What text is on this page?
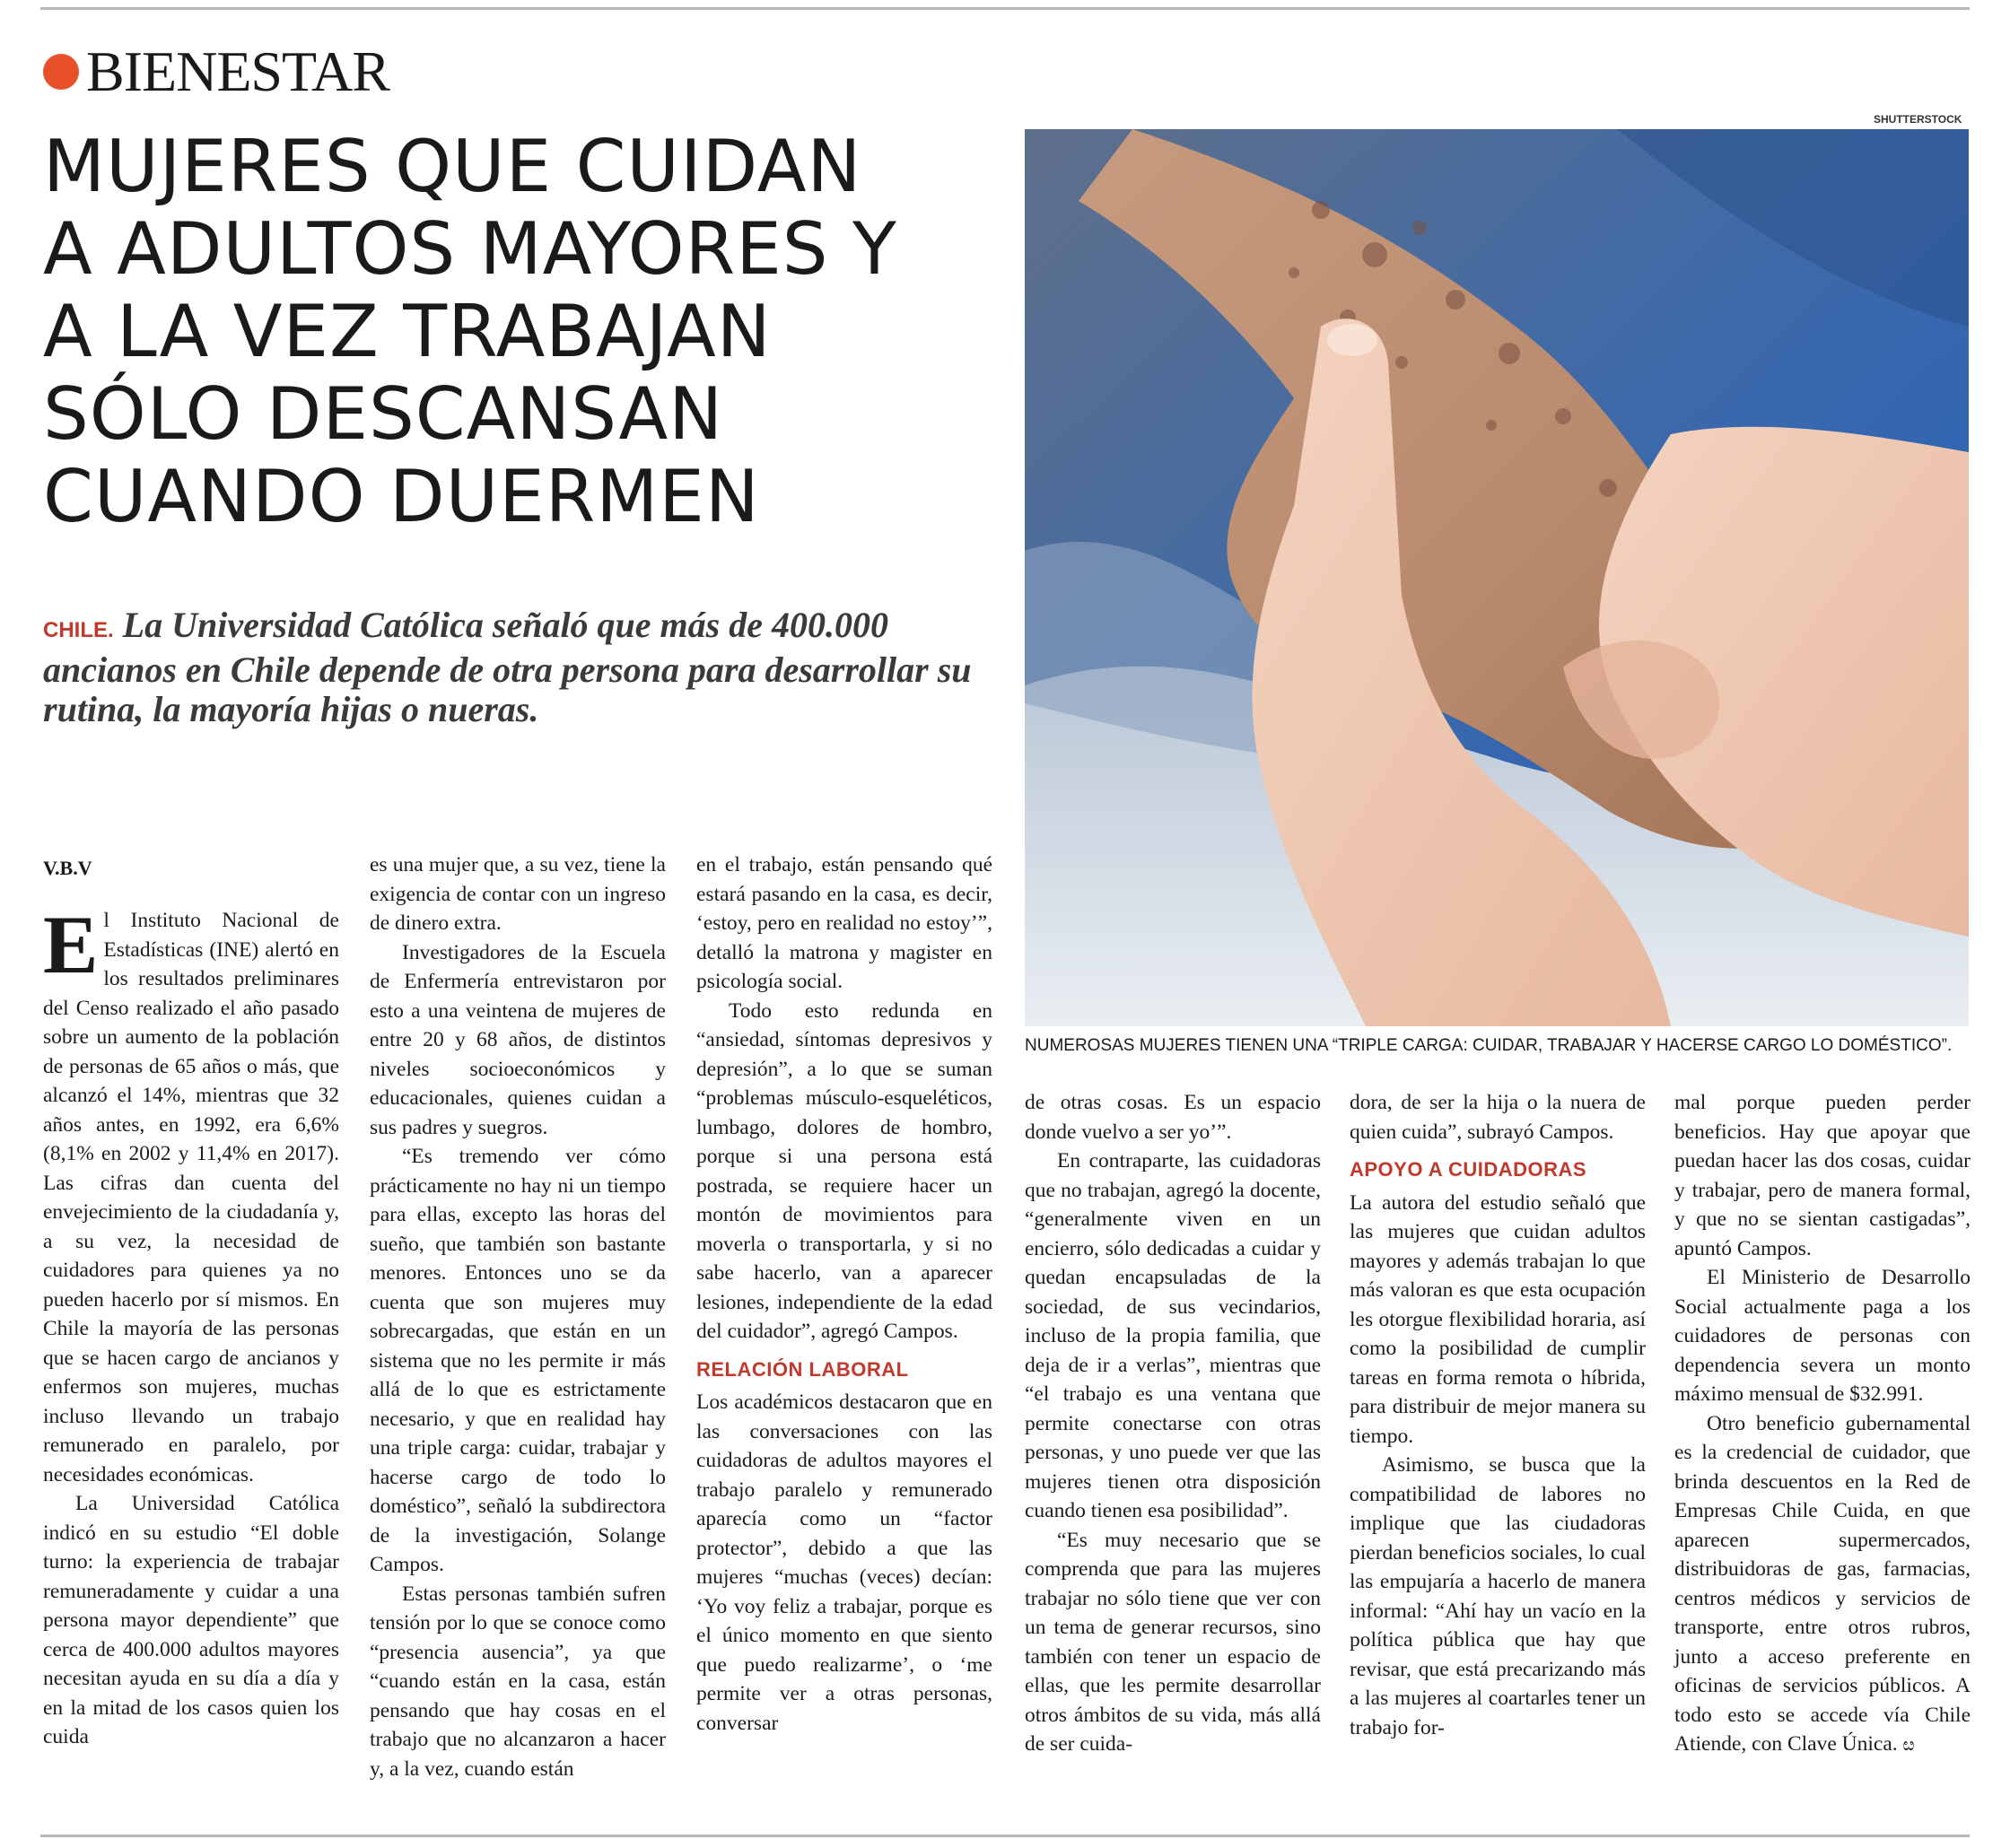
BIENESTAR
MUJERES QUE CUIDAN
A ADULTOS MAYORES Y
A LA VEZ TRABAJAN
SÓLO DESCANSAN
CUANDO DUERMEN
CHILE. La Universidad Católica señaló que más de 400.000 ancianos en Chile depende de otra persona para desarrollar su rutina, la mayoría hijas o nueras.
SHUTTERSTOCK
NUMEROSAS MUJERES TIENEN UNA “TRIPLE CARGA: CUIDAR, TRABAJAR Y HACERSE CARGO LO DOMÉSTICO”.
V.B.V

El Instituto Nacional de Estadísticas (INE) alertó en los resultados preliminares del Censo realizado el año pasado sobre un aumento de la población de personas de 65 años o más, que alcanzó el 14%, mientras que 32 años antes, en 1992, era 6,6% (8,1% en 2002 y 11,4% en 2017). Las cifras dan cuenta del envejecimiento de la ciudadanía y, a su vez, la necesidad de cuidadores para quienes ya no pueden hacerlo por sí mismos. En Chile la mayoría de las personas que se hacen cargo de ancianos y enfermos son mujeres, muchas incluso llevando un trabajo remunerado en paralelo, por necesidades económicas.

La Universidad Católica indicó en su estudio “El doble turno: la experiencia de trabajar remuneradamente y cuidar a una persona mayor dependiente” que cerca de 400.000 adultos mayores necesitan ayuda en su día a día y en la mitad de los casos quien los cuida

es una mujer que, a su vez, tiene la exigencia de contar con un ingreso de dinero extra.

Investigadores de la Escuela de Enfermería entrevistaron por esto a una veintena de mujeres de entre 20 y 68 años, de distintos niveles socioeconómicos y educacionales, quienes cuidan a sus padres y suegros.

“Es tremendo ver cómo prácticamente no hay ni un tiempo para ellas, excepto las horas del sueño, que también son bastante menores. Entonces uno se da cuenta que son mujeres muy sobrecargadas, que están en un sistema que no les permite ir más allá de lo que es estrictamente necesario, y que en realidad hay una triple carga: cuidar, trabajar y hacerse cargo de todo lo doméstico”, señaló la subdirectora de la investigación, Solange Campos.

Estas personas también sufren tensión por lo que se conoce como “presencia ausencia”, ya que “cuando están en la casa, están pensando que hay cosas en el trabajo que no alcanzaron a hacer y, a la vez, cuando están

en el trabajo, están pensando qué estará pasando en la casa, es decir, ‘estoy, pero en realidad no estoy’”, detalló la matrona y magister en psicología social.

Todo esto redunda en “ansiedad, síntomas depresivos y depresión”, a lo que se suman “problemas músculo-esqueléticos, lumbago, dolores de hombro, porque si una persona está postrada, se requiere hacer un montón de movimientos para moverla o transportarla, y si no sabe hacerlo, van a aparecer lesiones, independiente de la edad del cuidador”, agregó Campos.

RELACIÓN LABORAL

Los académicos destacaron que en las conversaciones con las cuidadoras de adultos mayores el trabajo paralelo y remunerado aparecía como un “factor protector”, debido a que las mujeres “muchas (veces) decían: ‘Yo voy feliz a trabajar, porque es el único momento en que siento que puedo realizarme’, o ‘me permite ver a otras personas, conversar

de otras cosas. Es un espacio donde vuelvo a ser yo’”.

En contraparte, las cuidadoras que no trabajan, agregó la docente, “generalmente viven en un encierro, sólo dedicadas a cuidar y quedan encapsuladas de la sociedad, de sus vecindarios, incluso de la propia familia, que deja de ir a verlas”, mientras que “el trabajo es una ventana que permite conectarse con otras personas, y uno puede ver que las mujeres tienen otra disposición cuando tienen esa posibilidad”.

“Es muy necesario que se comprenda que para las mujeres trabajar no sólo tiene que ver con un tema de generar recursos, sino también con tener un espacio de ellas, que les permite desarrollar otros ámbitos de su vida, más allá de ser cuida-

dora, de ser la hija o la nuera de quien cuida”, subrayó Campos.

APOYO A CUIDADORAS

La autora del estudio señaló que las mujeres que cuidan adultos mayores y además trabajan lo que más valoran es que esta ocupación les otorgue flexibilidad horaria, así como la posibilidad de cumplir tareas en forma remota o híbrida, para distribuir de mejor manera su tiempo.

Asimismo, se busca que la compatibilidad de labores no implique que las ciudadoras pierdan beneficios sociales, lo cual las empujaría a hacerlo de manera informal: “Ahí hay un vacío en la política pública que hay que revisar, que está precarizando más a las mujeres al coartarles tener un trabajo for-

mal porque pueden perder beneficios. Hay que apoyar que puedan hacer las dos cosas, cuidar y trabajar, pero de manera formal, y que no se sientan castigadas”, apuntó Campos.

El Ministerio de Desarrollo Social actualmente paga a los cuidadores de personas con dependencia severa un monto máximo mensual de $32.991.

Otro beneficio gubernamental es la credencial de cuidador, que brinda descuentos en la Red de Empresas Chile Cuida, en que aparecen supermercados, distribuidoras de gas, farmacias, centros médicos y servicios de transporte, entre otros rubros, junto a acceso preferente en oficinas de servicios públicos. A todo esto se accede vía Chile Atiende, con Clave Única. ೞ
